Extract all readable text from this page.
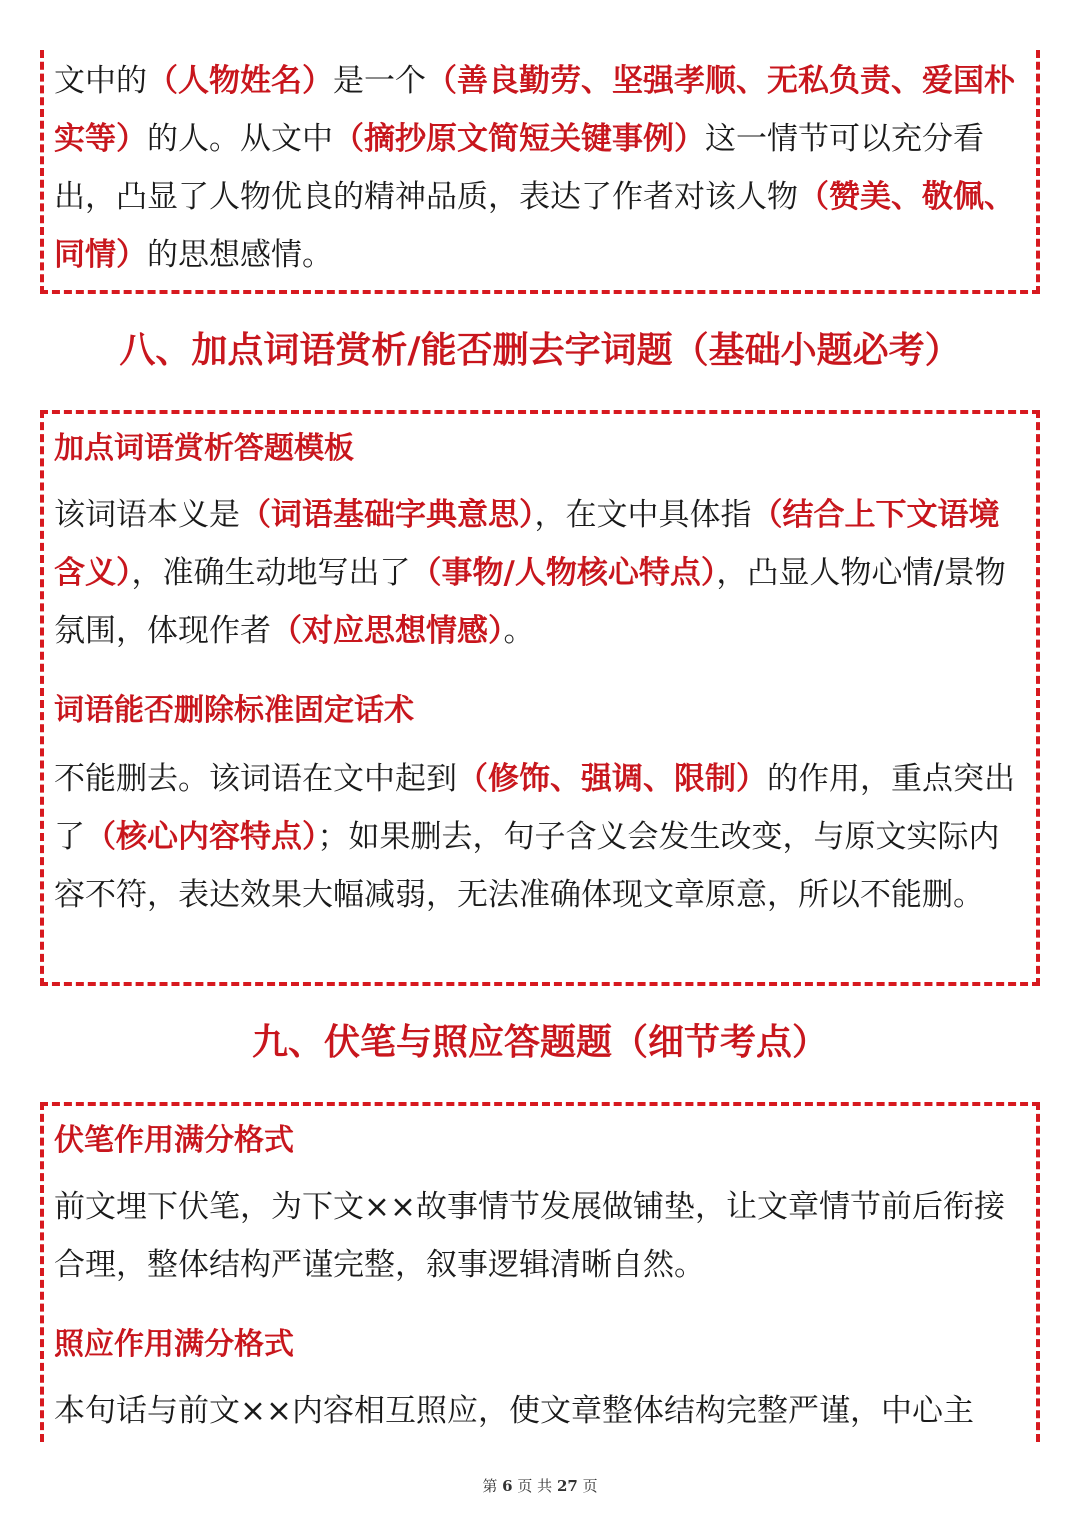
文中的（人物姓名）是一个（善良勤劳、坚强孝顺、无私负责、爱国朴实等）的人。从文中（摘抄原文简短关键事例）这一情节可以充分看出，凸显了人物优良的精神品质，表达了作者对该人物（赞美、敬佩、同情）的思想感情。

八、加点词语赏析/能否删去字词题（基础小题必考）

加点词语赏析答题模板

该词语本义是（词语基础字典意思），在文中具体指（结合上下文语境含义），准确生动地写出了（事物/人物核心特点），凸显人物心情/景物氛围，体现作者（对应思想情感）。

词语能否删除标准固定话术

不能删去。该词语在文中起到（修饰、强调、限制）的作用，重点突出了（核心内容特点）；如果删去，句子含义会发生改变，与原文实际内容不符，表达效果大幅减弱，无法准确体现文章原意，所以不能删。

九、伏笔与照应答题题（细节考点）

伏笔作用满分格式

前文埋下伏笔，为下文××故事情节发展做铺垫，让文章情节前后衔接合理，整体结构严谨完整，叙事逻辑清晰自然。

照应作用满分格式

本句话与前文××内容相互照应，使文章整体结构完整严谨，中心主

第 6 页 共 27 页
